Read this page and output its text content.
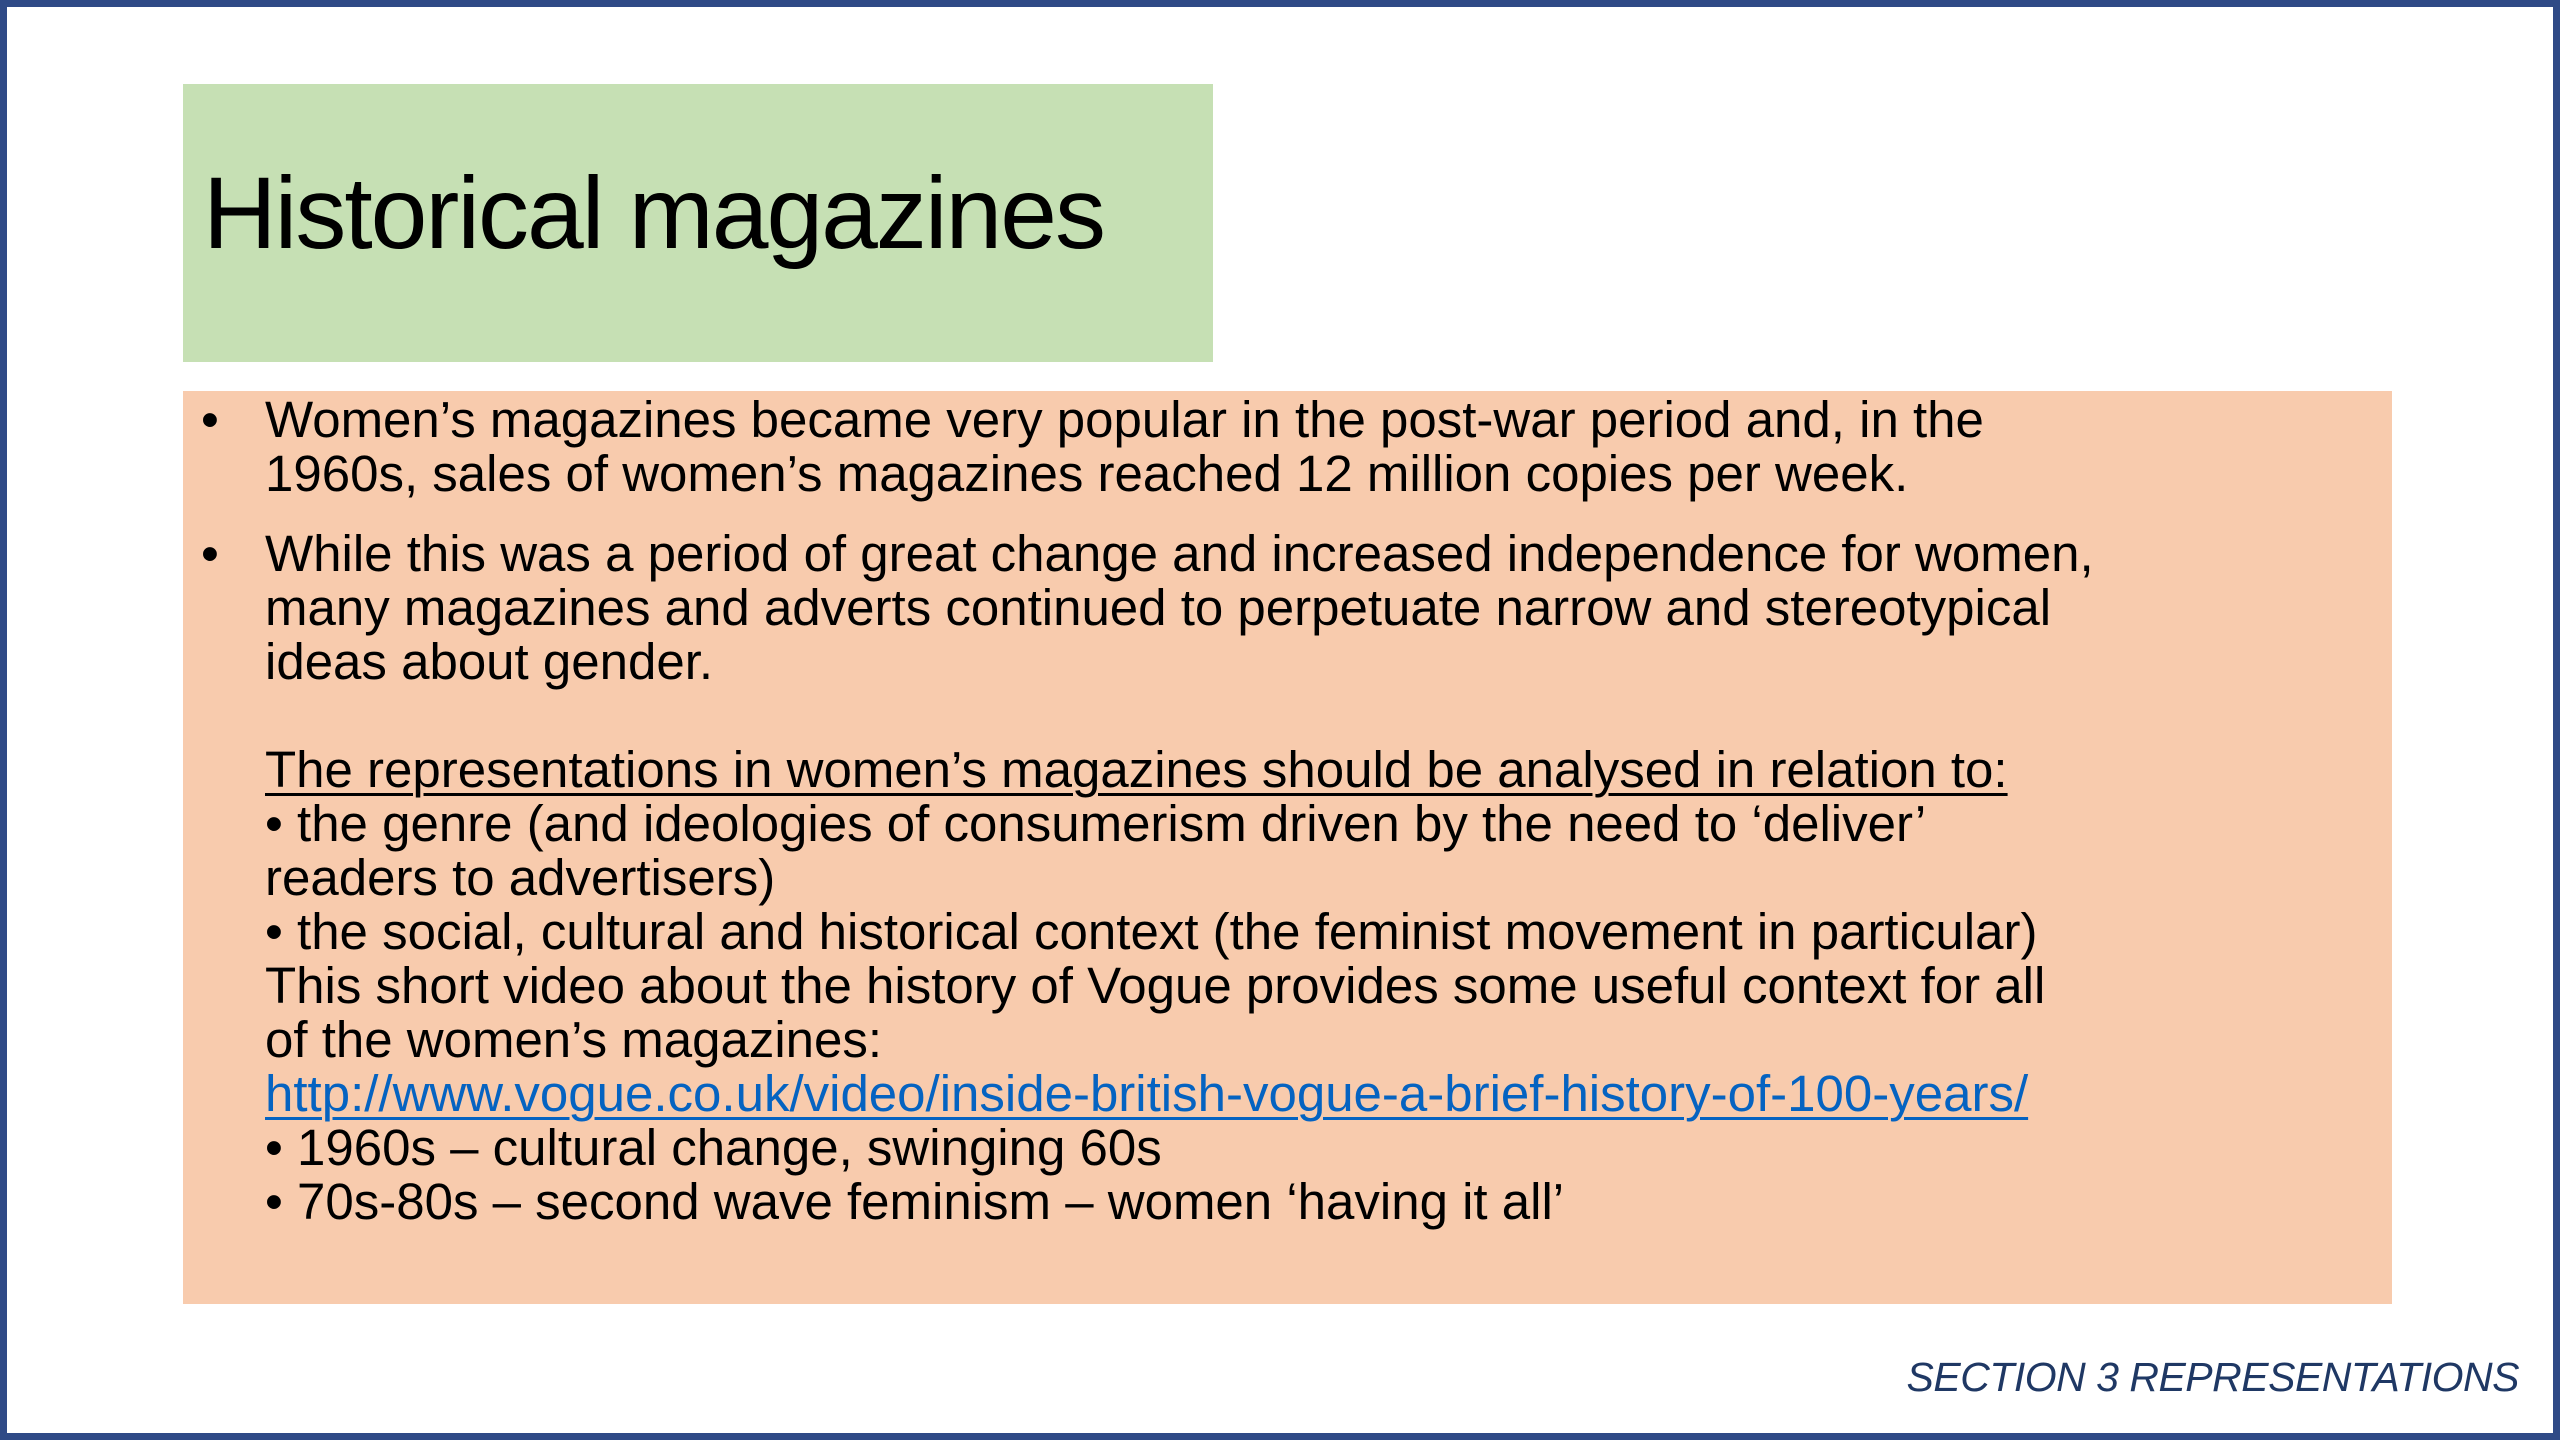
Historical magazines
• Women’s magazines became very popular in the post-war period and, in the
1960s, sales of women’s magazines reached 12 million copies per week.
• While this was a period of great change and increased independence for women,
many magazines and adverts continued to perpetuate narrow and stereotypical
ideas about gender.
The representations in women’s magazines should be analysed in relation to:
• the genre (and ideologies of consumerism driven by the need to ‘deliver’
readers to advertisers)
• the social, cultural and historical context (the feminist movement in particular)
This short video about the history of Vogue provides some useful context for all
of the women’s magazines:
http://www.vogue.co.uk/video/inside-british-vogue-a-brief-history-of-100-years/
• 1960s – cultural change, swinging 60s
• 70s-80s – second wave feminism – women ‘having it all’
SECTION 3 REPRESENTATIONS
